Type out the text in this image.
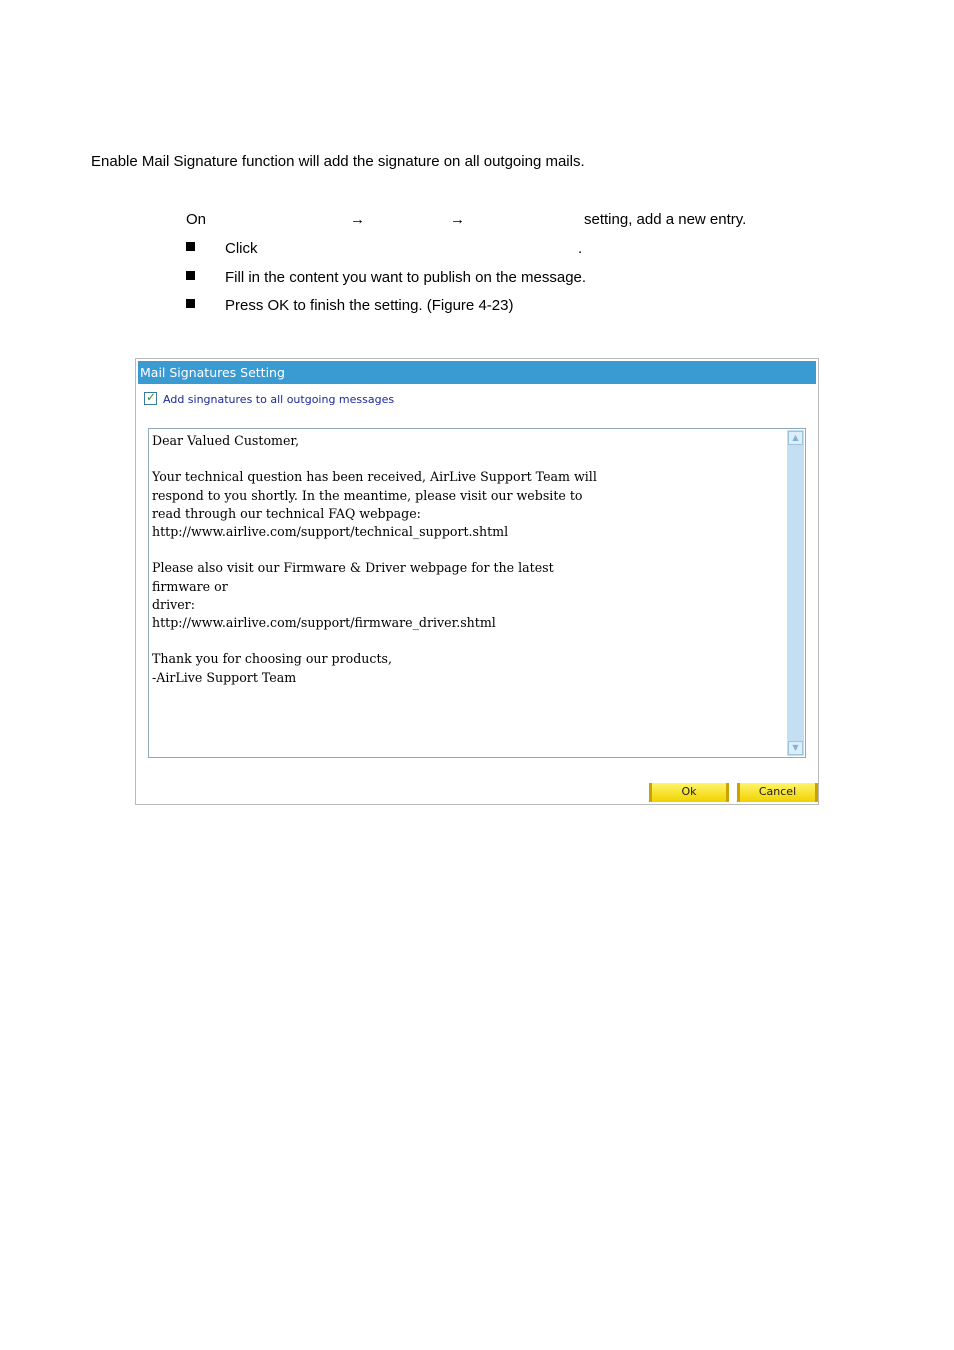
Enable Mail Signature function will add the signature on all outgoing mails.
On	→	→	setting, add a new entry.
Click	.
Fill in the content you want to publish on the message.
Press OK to finish the setting. (Figure 4-23)
Mail Signatures Setting
✓ Add singnatures to all outgoing messages
Dear Valued Customer,

Your technical question has been received, AirLive Support Team will
respond to you shortly. In the meantime, please visit our website to
read through our technical FAQ webpage:
http://www.airlive.com/support/technical_support.shtml

Please also visit our Firmware & Driver webpage for the latest
firmware or
driver:
http://www.airlive.com/support/firmware_driver.shtml

Thank you for choosing our products,
-AirLive Support Team
▲
▼
Ok	Cancel
